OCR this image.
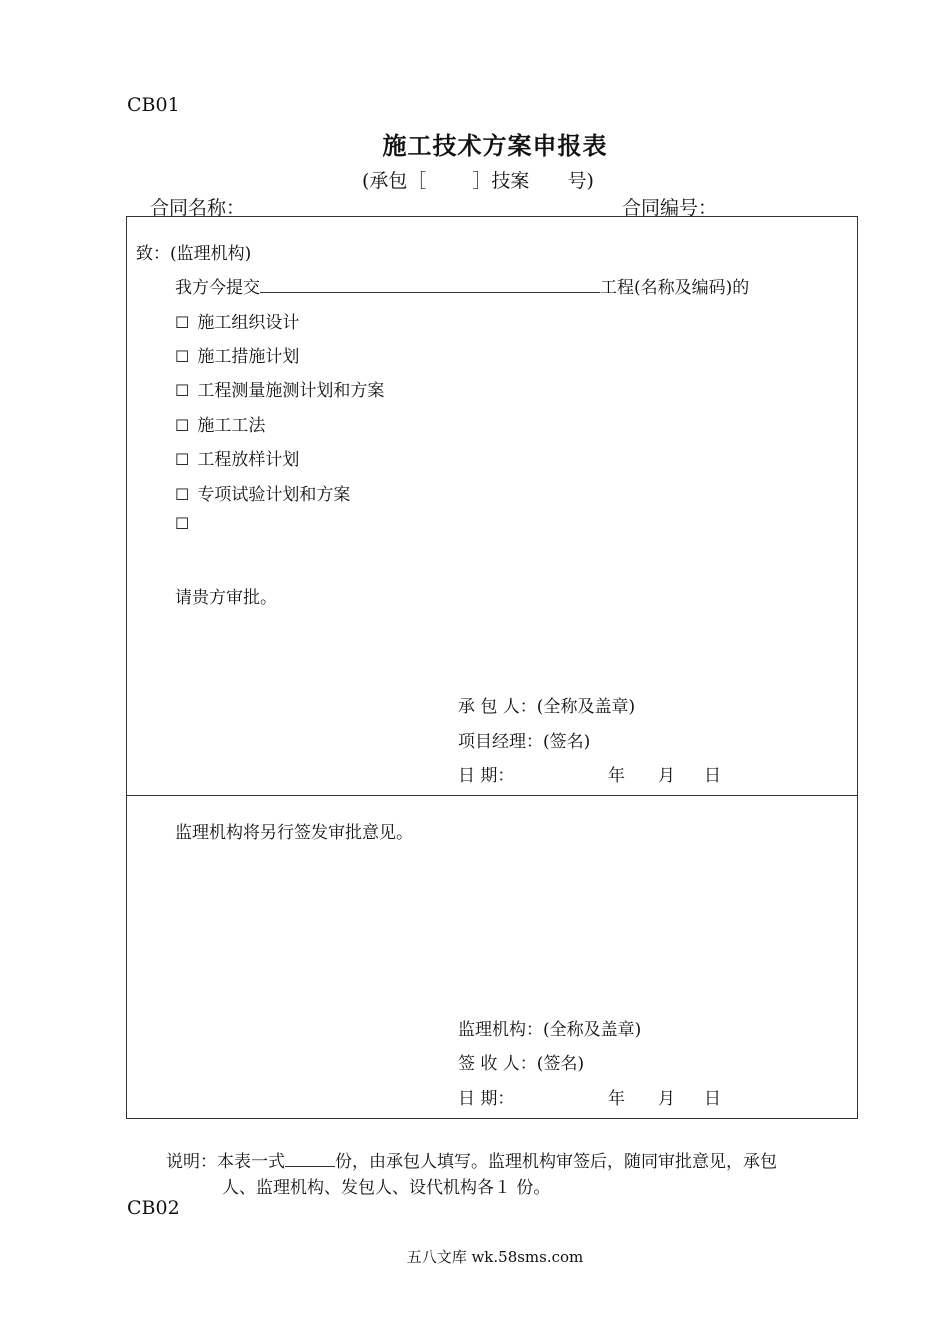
CB01
施工技术方案申报表
(承包［ ］技案 号)
合同名称：	合同编号：
致：(监理机构)
我方今提交	工程(名称及编码)的
☐ 施工组织设计
☐ 施工措施计划
☐ 工程测量施测计划和方案
☐ 施工工法
☐ 工程放样计划
☐ 专项试验计划和方案
☐
请贵方审批。
承 包 人：(全称及盖章)
项目经理：(签名)
日 期：	年 月 日
监理机构将另行签发审批意见。
监理机构：(全称及盖章)
签 收 人：(签名)
日 期：	年 月 日
说明：本表一式	份，由承包人填写。监理机构审签后，随同审批意见，承包
人、监理机构、发包人、设代机构各１ 份。
CB02
五八文库 wk.58sms.com
